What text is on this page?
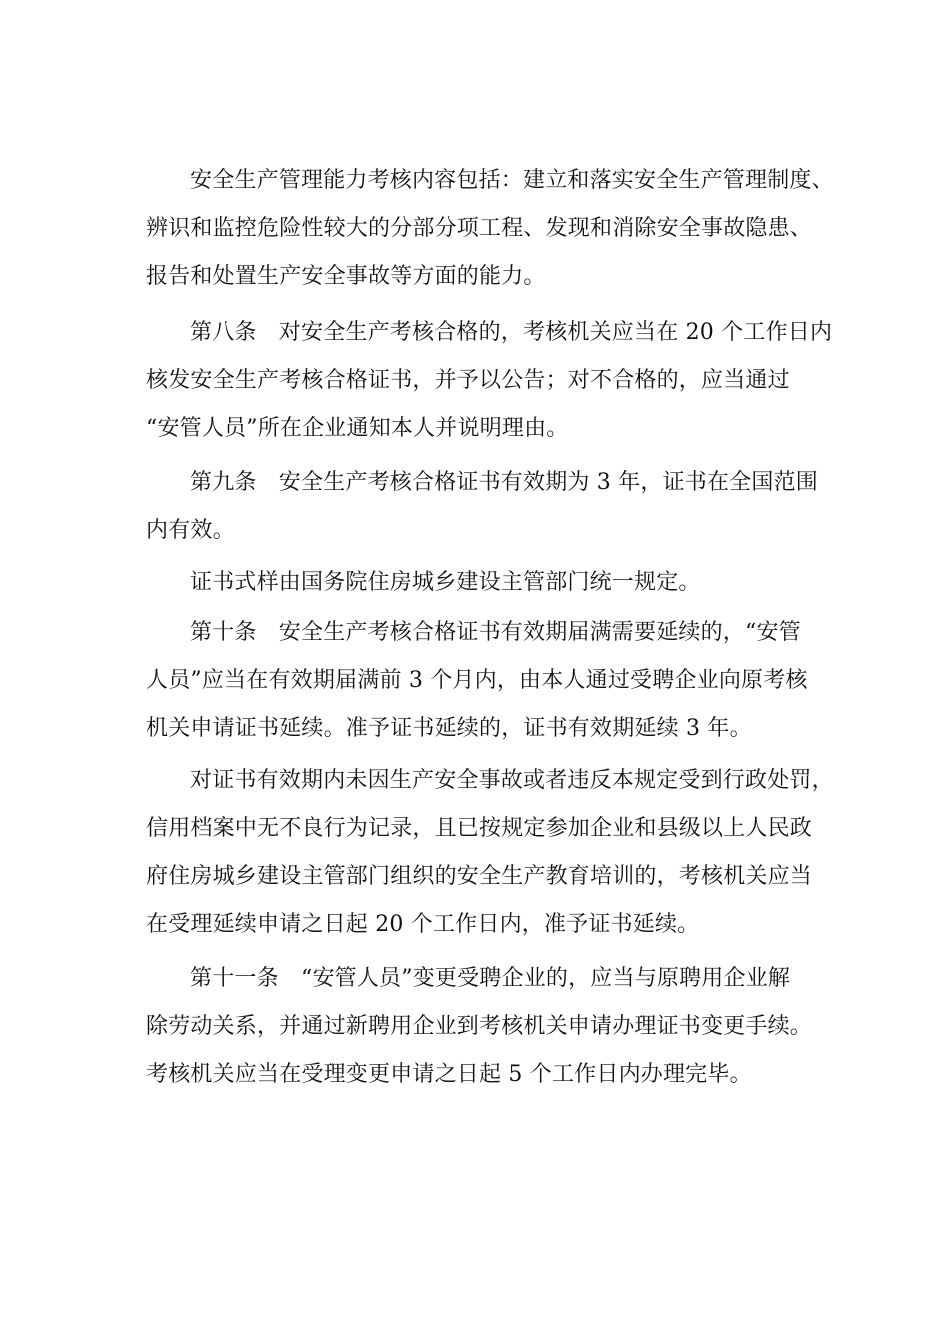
安全生产管理能力考核内容包括：建立和落实安全生产管理制度、
辨识和监控危险性较大的分部分项工程、发现和消除安全事故隐患、
报告和处置生产安全事故等方面的能力。
第八条　对安全生产考核合格的，考核机关应当在 20 个工作日内
核发安全生产考核合格证书，并予以公告；对不合格的，应当通过
“安管人员”所在企业通知本人并说明理由。
第九条　安全生产考核合格证书有效期为 3 年，证书在全国范围
内有效。
证书式样由国务院住房城乡建设主管部门统一规定。
第十条　安全生产考核合格证书有效期届满需要延续的，“安管
人员”应当在有效期届满前 3 个月内，由本人通过受聘企业向原考核
机关申请证书延续。准予证书延续的，证书有效期延续 3 年。
对证书有效期内未因生产安全事故或者违反本规定受到行政处罚，
信用档案中无不良行为记录，且已按规定参加企业和县级以上人民政
府住房城乡建设主管部门组织的安全生产教育培训的，考核机关应当
在受理延续申请之日起 20 个工作日内，准予证书延续。
第十一条　“安管人员”变更受聘企业的，应当与原聘用企业解
除劳动关系，并通过新聘用企业到考核机关申请办理证书变更手续。
考核机关应当在受理变更申请之日起 5 个工作日内办理完毕。
